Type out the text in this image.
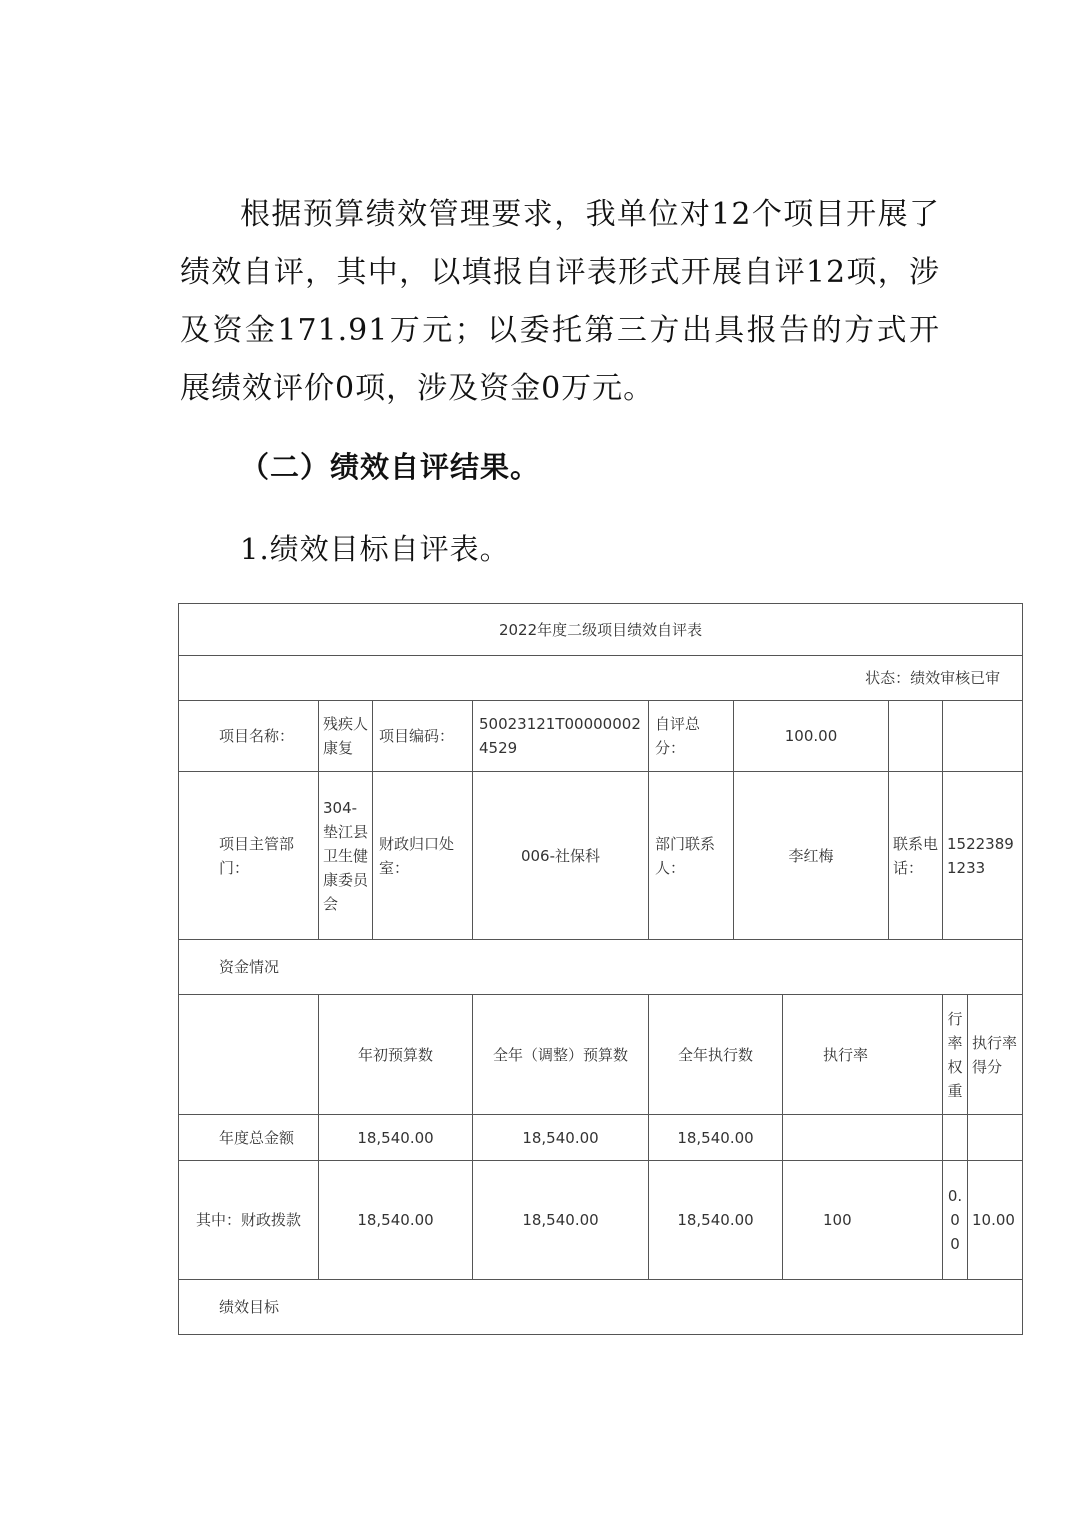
根据预算绩效管理要求，我单位对12个项目开展了绩效自评，其中，以填报自评表形式开展自评12项，涉及资金171.91万元；以委托第三方出具报告的方式开展绩效评价0项，涉及资金0万元。

（二）绩效自评结果。

1.绩效目标自评表。

2022年度二级项目绩效自评表									
状态：绩效审核已审									
项目名称：	残疾人康复	项目编码：	50023121T000000024529	自评总分：	100.00				
项目主管部门：	304-垫江县卫生健康委员会	财政归口处室：	006-社保科	部门联系人：	李红梅		联系电话：	15223891233	
资金情况									
	年初预算数		全年（调整）预算数	全年执行数		执行率		行率权重	执行率得分
年度总金额	18,540.00		18,540.00	18,540.00					
其中：财政拨款	18,540.00		18,540.00	18,540.00		100		0.00	10.00
绩效目标									
